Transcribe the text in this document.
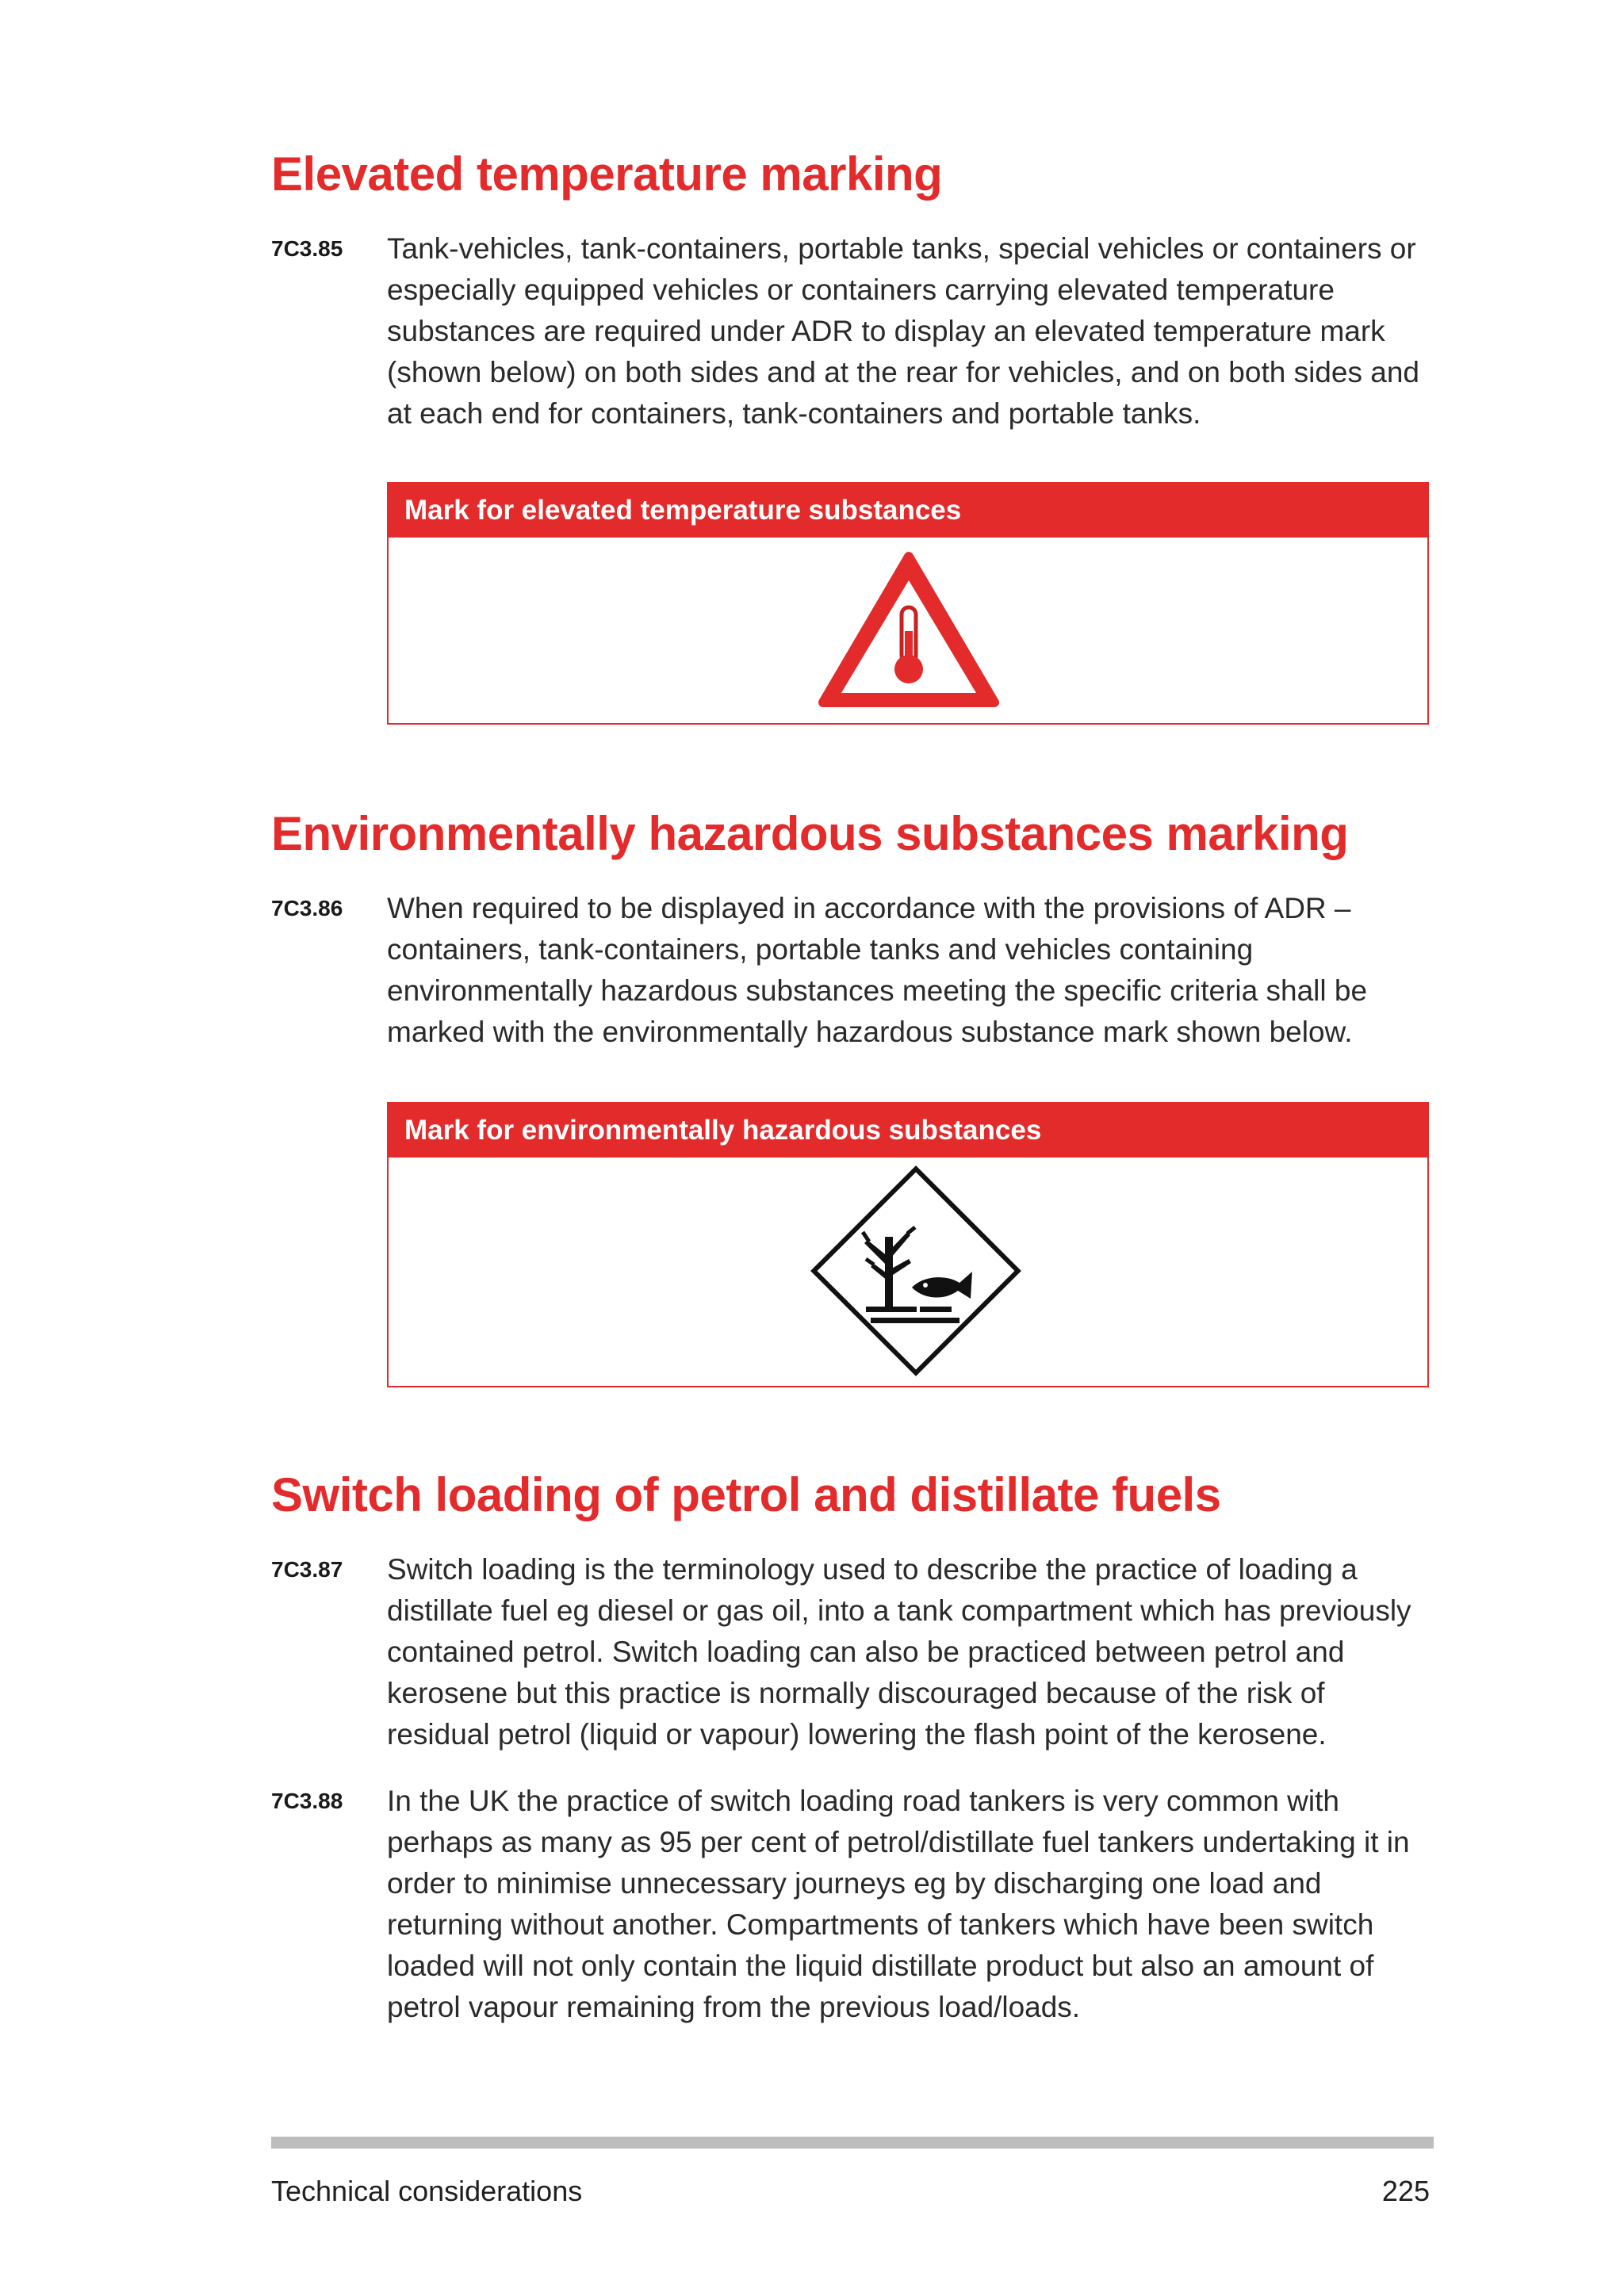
Elevated temperature marking
7C3.85 Tank-vehicles, tank-containers, portable tanks, special vehicles or containers or especially equipped vehicles or containers carrying elevated temperature substances are required under ADR to display an elevated temperature mark (shown below) on both sides and at the rear for vehicles, and on both sides and at each end for containers, tank-containers and portable tanks.
Mark for elevated temperature substances
Environmentally hazardous substances marking
7C3.86 When required to be displayed in accordance with the provisions of ADR – containers, tank-containers, portable tanks and vehicles containing environmentally hazardous substances meeting the specific criteria shall be marked with the environmentally hazardous substance mark shown below.
Mark for environmentally hazardous substances
Switch loading of petrol and distillate fuels
7C3.87 Switch loading is the terminology used to describe the practice of loading a distillate fuel eg diesel or gas oil, into a tank compartment which has previously contained petrol. Switch loading can also be practiced between petrol and kerosene but this practice is normally discouraged because of the risk of residual petrol (liquid or vapour) lowering the flash point of the kerosene.
7C3.88 In the UK the practice of switch loading road tankers is very common with perhaps as many as 95 per cent of petrol/distillate fuel tankers undertaking it in order to minimise unnecessary journeys eg by discharging one load and returning without another. Compartments of tankers which have been switch loaded will not only contain the liquid distillate product but also an amount of petrol vapour remaining from the previous load/loads.
Technical considerations	225
